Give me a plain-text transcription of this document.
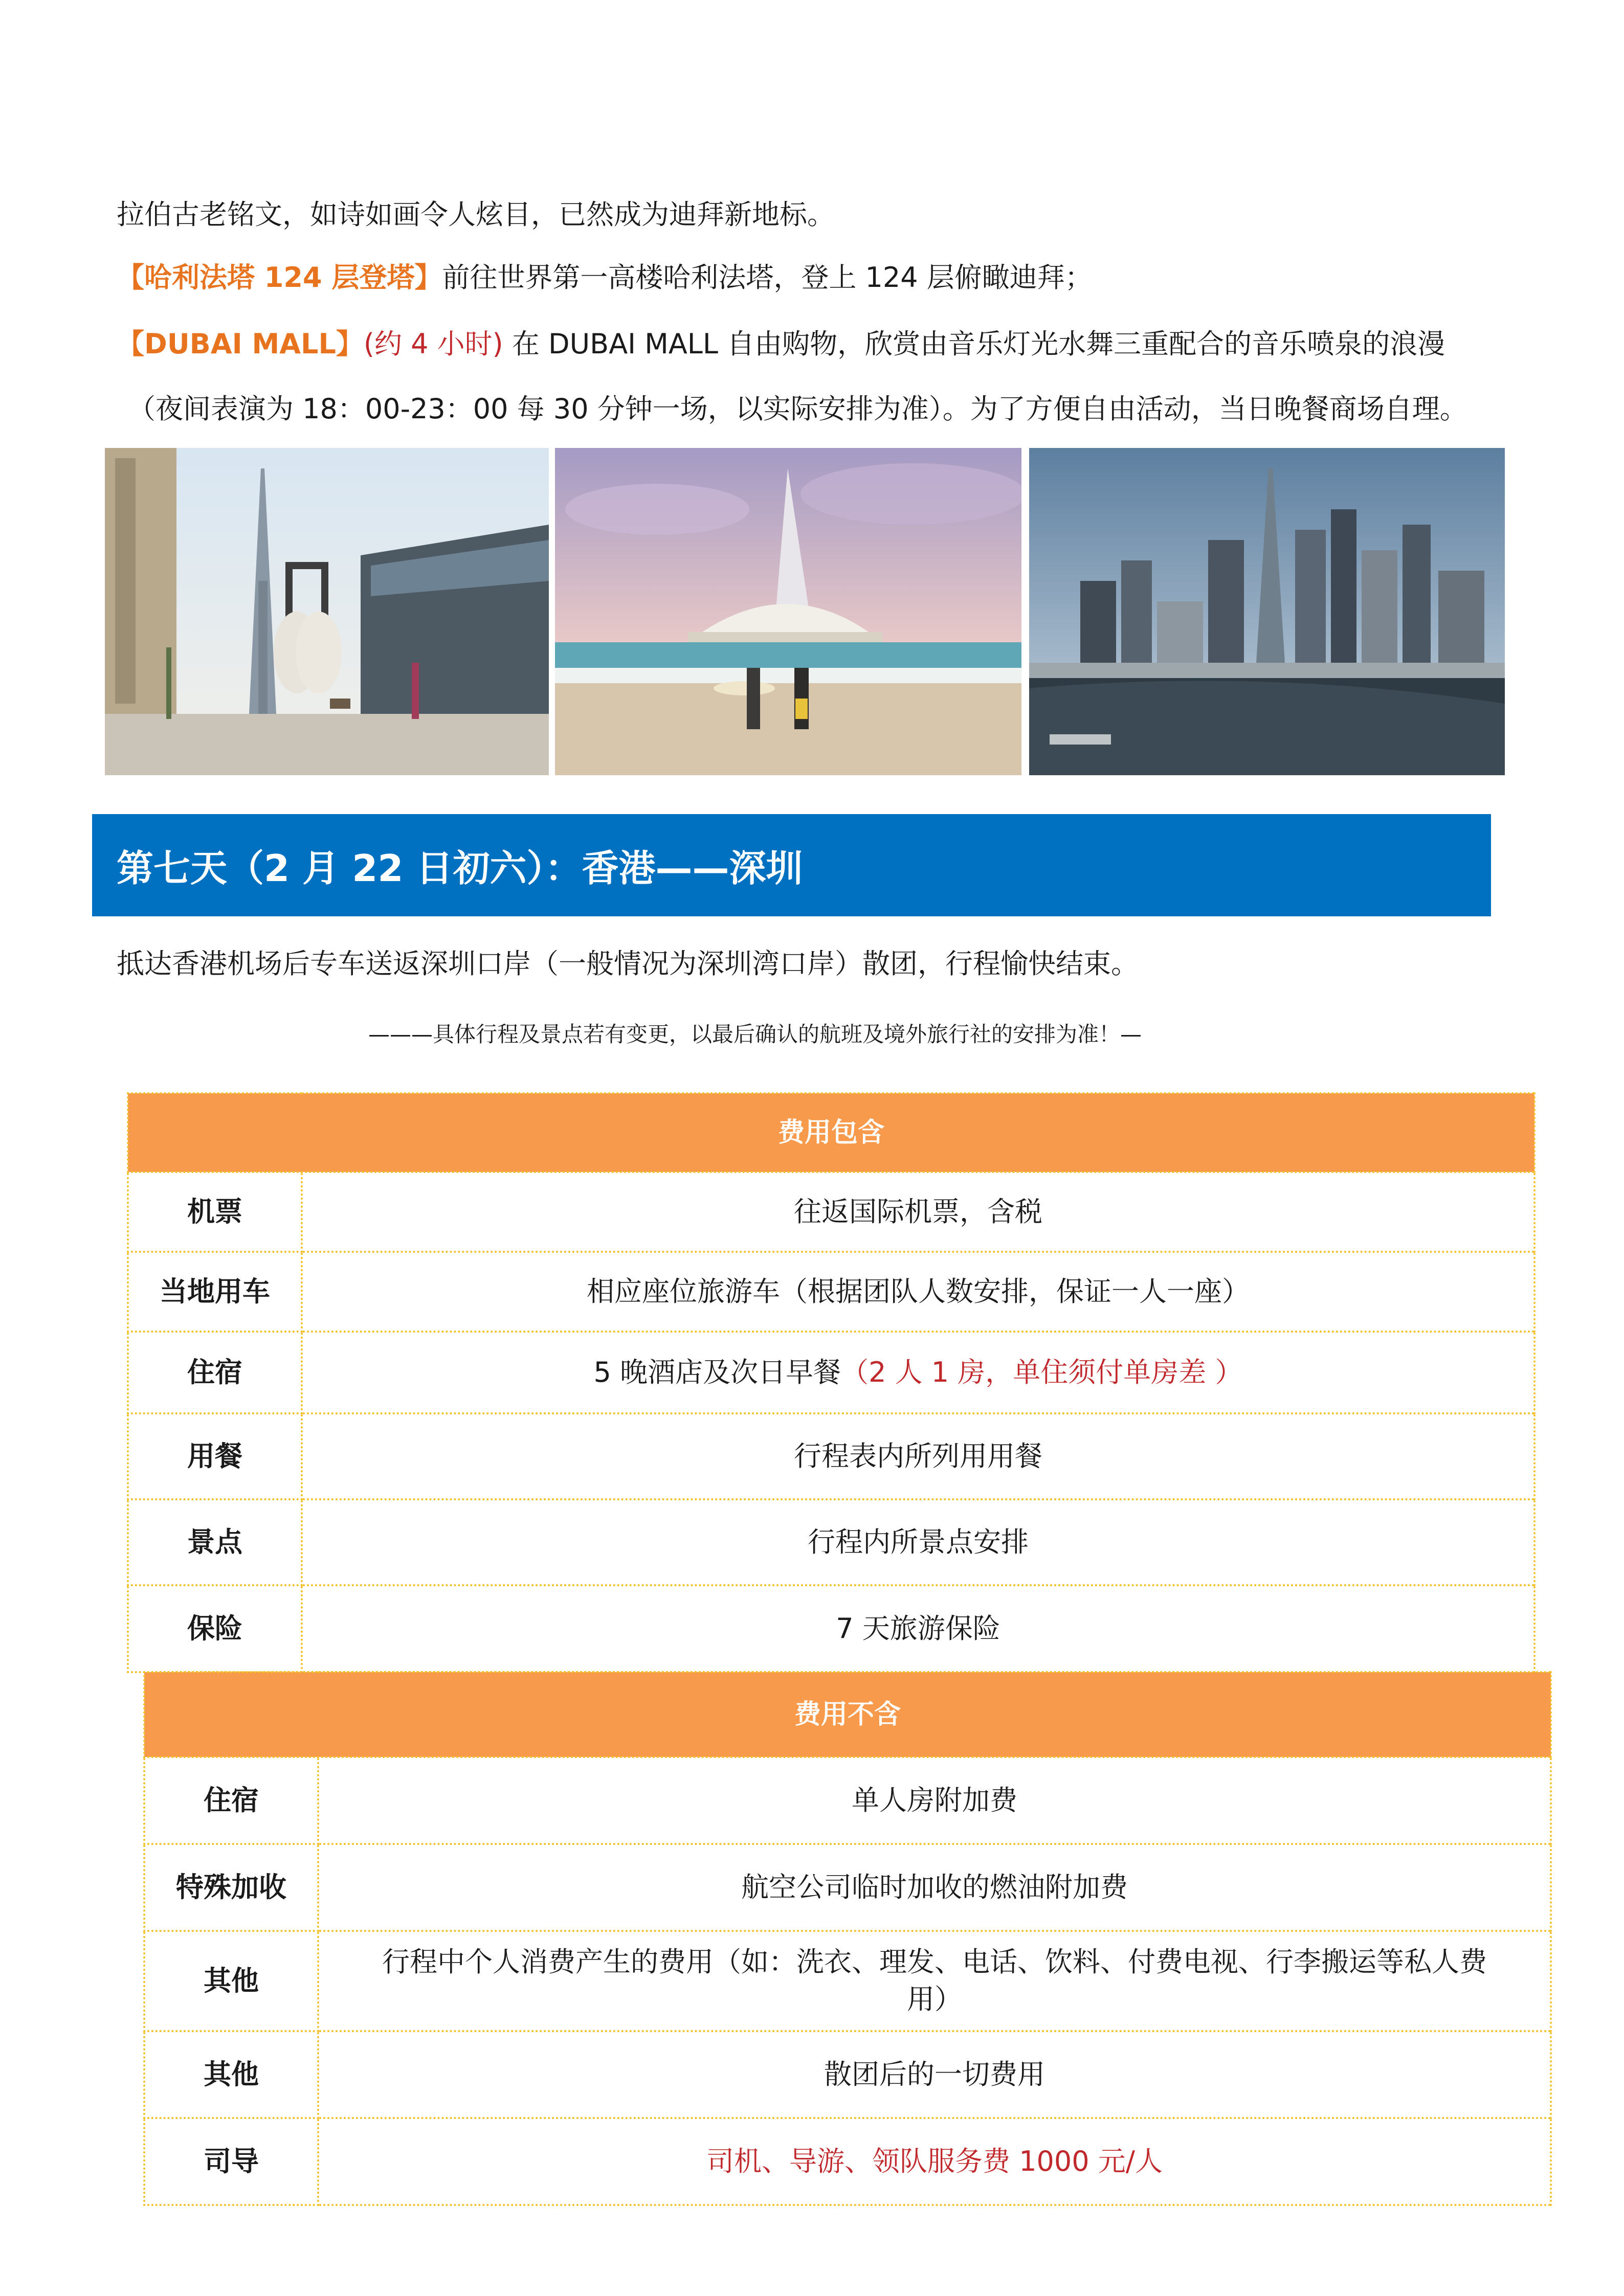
拉伯古老铭文，如诗如画令人炫目，已然成为迪拜新地标。
【哈利法塔 124 层登塔】前往世界第一高楼哈利法塔，登上 124 层俯瞰迪拜；
【DUBAI MALL】(约 4 小时) 在 DUBAI MALL 自由购物，欣赏由音乐灯光水舞三重配合的音乐喷泉的浪漫
（夜间表演为 18：00-23：00 每 30 分钟一场，以实际安排为准）。为了方便自由活动，当日晚餐商场自理。
第七天（2 月 22 日初六）：香港——深圳
抵达香港机场后专车送返深圳口岸（一般情况为深圳湾口岸）散团，行程愉快结束。
———具体行程及景点若有变更，以最后确认的航班及境外旅行社的安排为准！—
费用包含	
机票	往返国际机票，含税
当地用车	相应座位旅游车（根据团队人数安排，保证一人一座）
住宿	5 晚酒店及次日早餐（2 人 1 房，单住须付单房差 ）
用餐	行程表内所列用用餐
景点	行程内所景点安排
保险	7 天旅游保险
费用不含	
住宿	单人房附加费
特殊加收	航空公司临时加收的燃油附加费
其他	行程中个人消费产生的费用（如：洗衣、理发、电话、饮料、付费电视、行李搬运等私人费
用）

其他	散团后的一切费用
司导	司机、导游、领队服务费 1000 元/人
